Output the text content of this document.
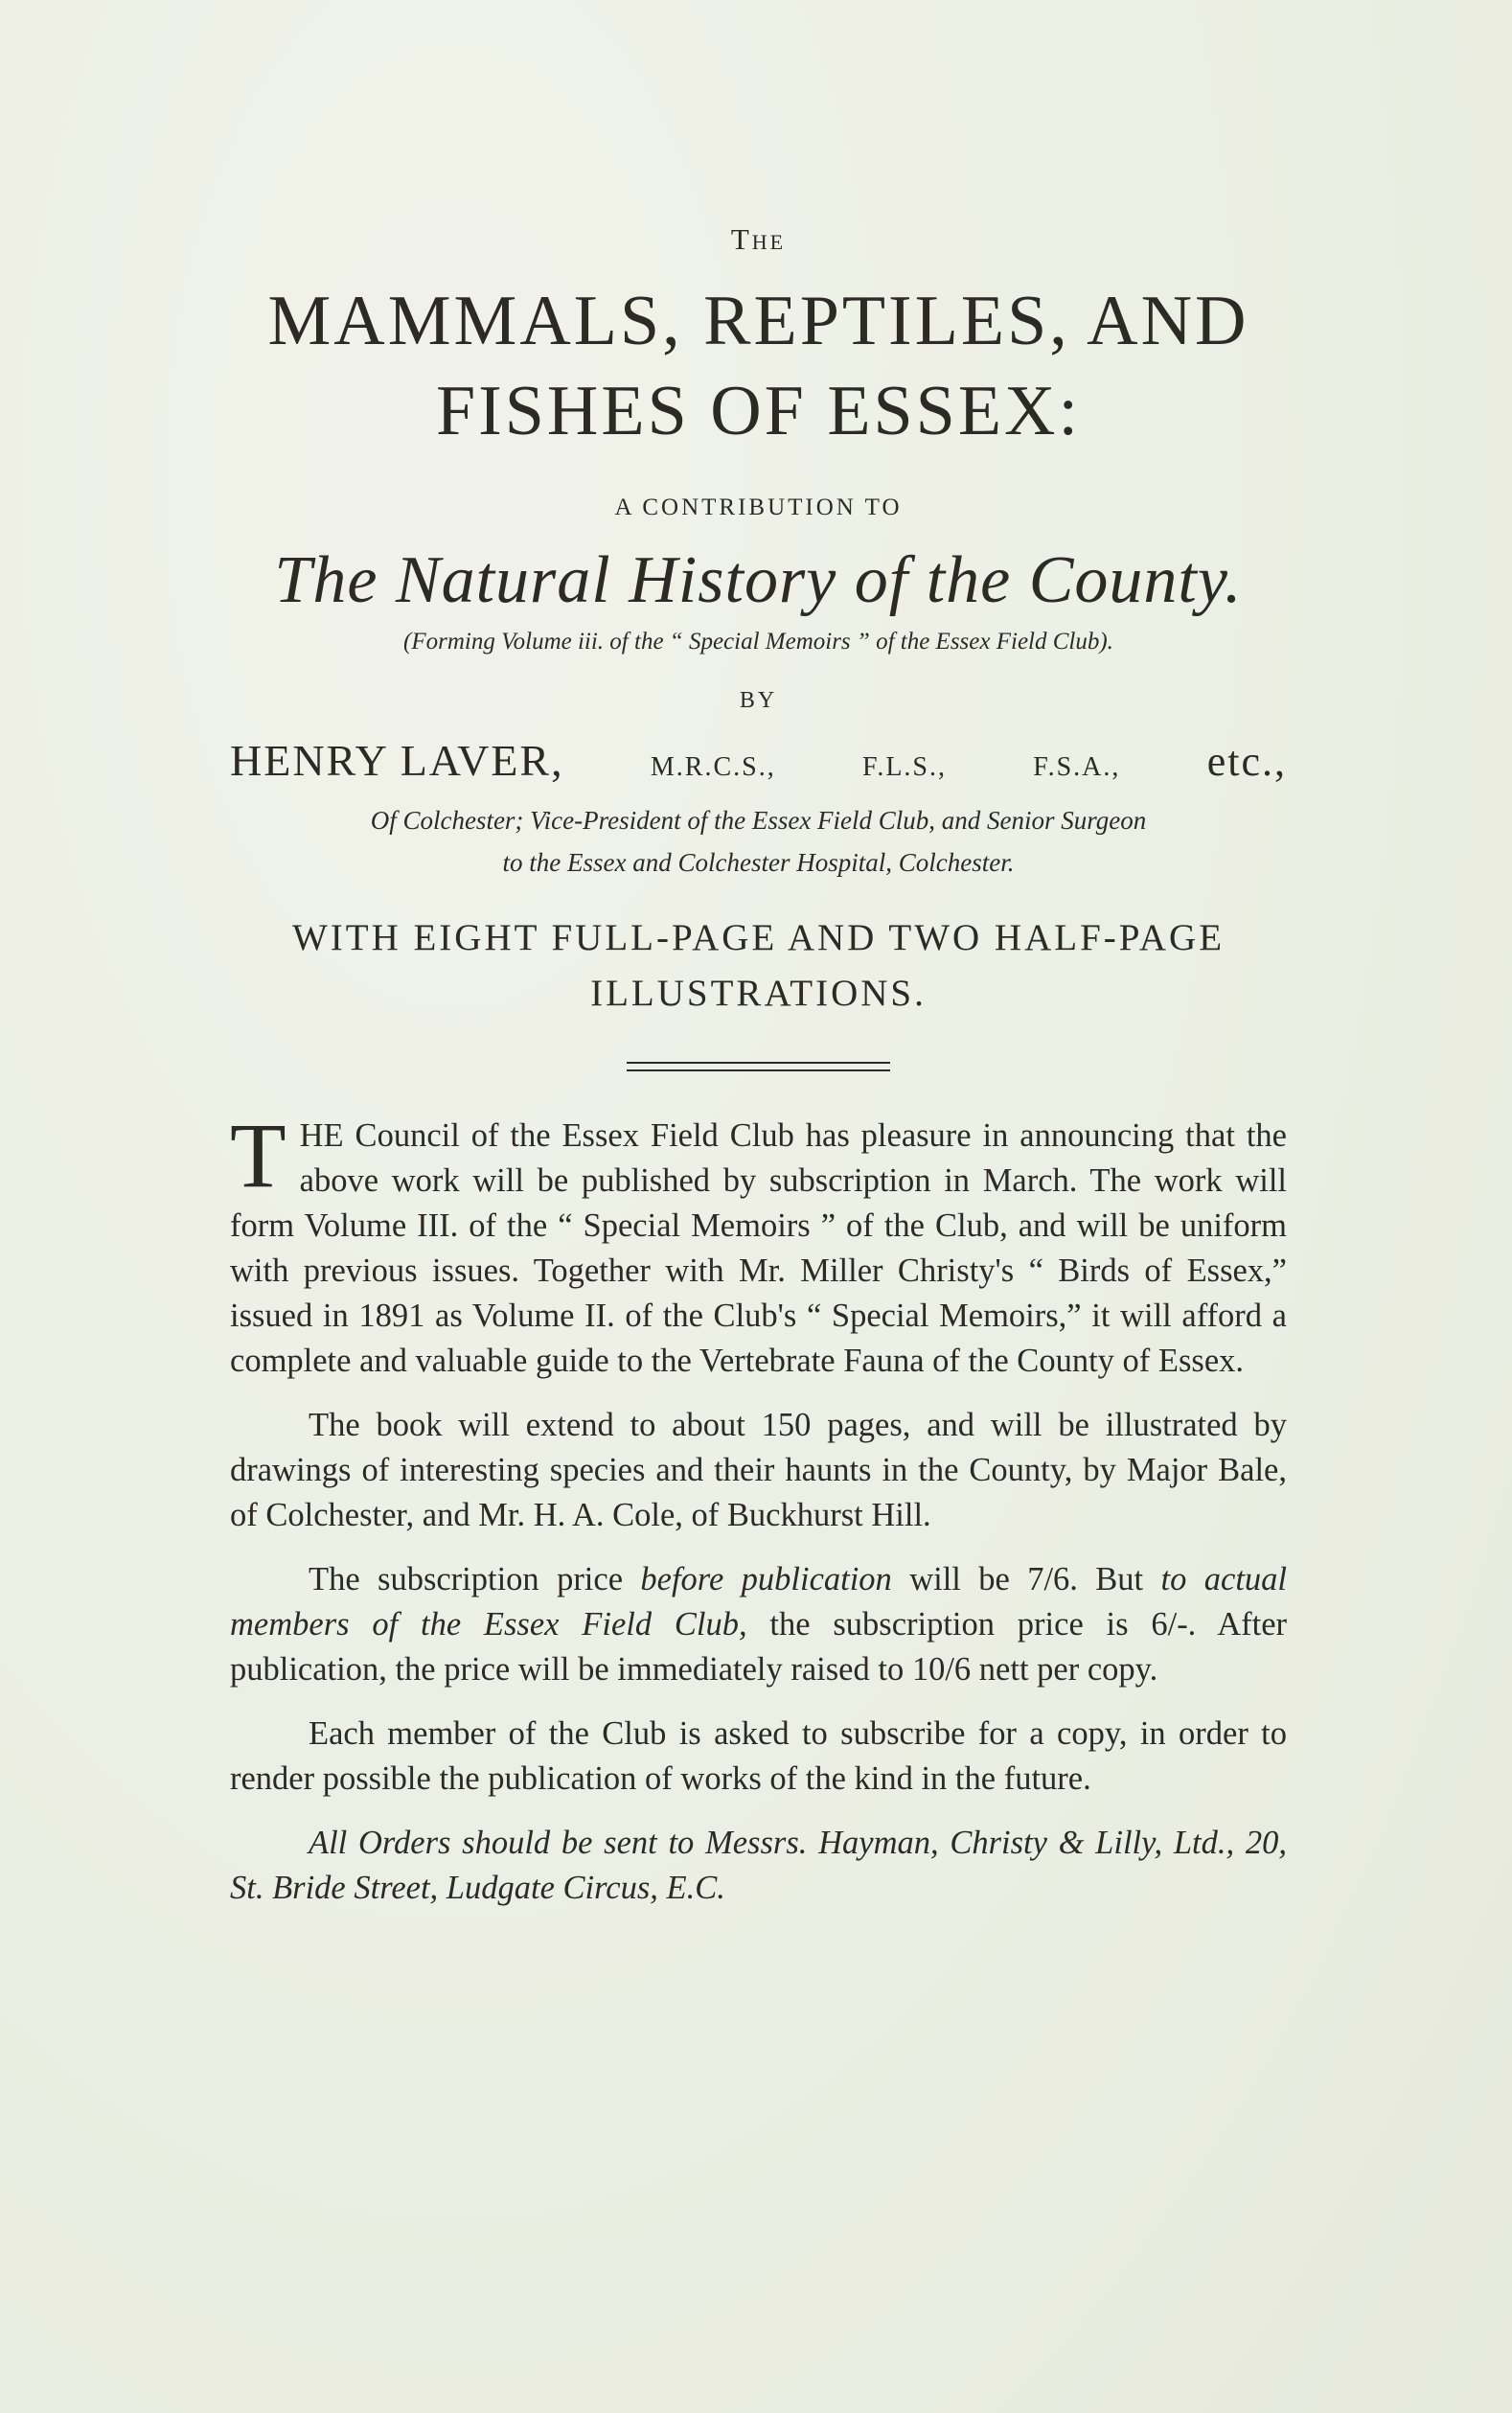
The
MAMMALS, REPTILES, AND
FISHES OF ESSEX:
A CONTRIBUTION TO
The Natural History of the County.
(Forming Volume iii. of the “ Special Memoirs ” of the Essex Field Club).
BY
HENRY LAVER,	M.R.C.S.,	F.L.S.,	F.S.A., etc.,
Of Colchester; Vice-President of the Essex Field Club, and Senior Surgeon
to the Essex and Colchester Hospital, Colchester.
WITH EIGHT FULL-PAGE AND TWO HALF-PAGE
ILLUSTRATIONS.

THE Council of the Essex Field Club has pleasure in announcing that the above work will be published by subscription in March. The work will form Volume III. of the “ Special Memoirs ” of the Club, and will be uniform with previous issues. Together with Mr. Miller Christy's “ Birds of Essex,” issued in 1891 as Volume II. of the Club's “ Special Memoirs,” it will afford a complete and valuable guide to the Vertebrate Fauna of the County of Essex.

The book will extend to about 150 pages, and will be illustrated by drawings of interesting species and their haunts in the County, by Major Bale, of Colchester, and Mr. H. A. Cole, of Buckhurst Hill.

The subscription price before publication will be 7/6. But to actual members of the Essex Field Club, the subscription price is 6/-. After publication, the price will be immediately raised to 10/6 nett per copy.

Each member of the Club is asked to subscribe for a copy, in order to render possible the publication of works of the kind in the future.

All Orders should be sent to Messrs. Hayman, Christy & Lilly, Ltd., 20, St. Bride Street, Ludgate Circus, E.C.
